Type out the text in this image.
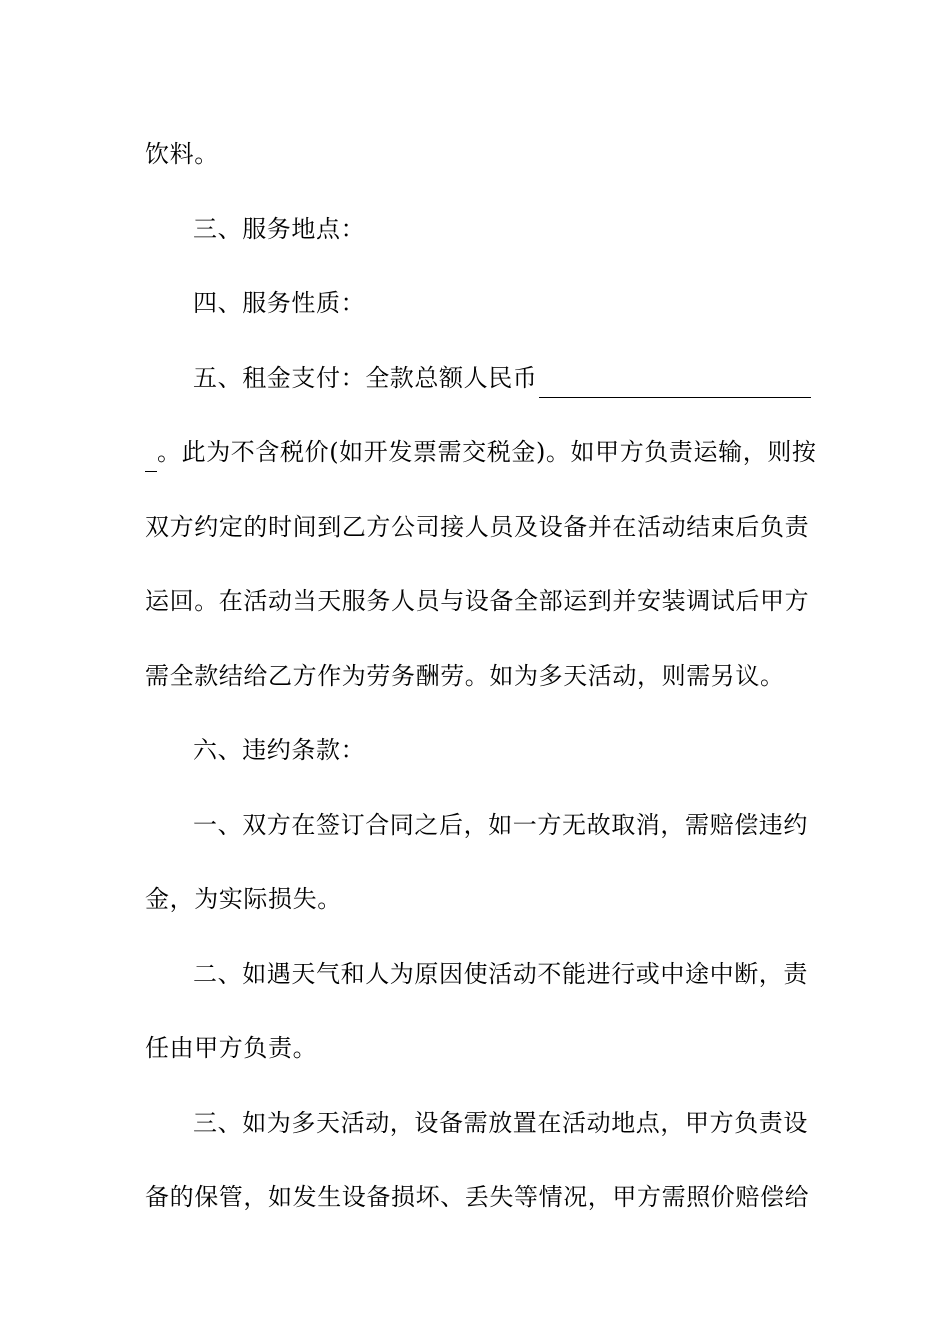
饮料。
三、服务地点：
四、服务性质：
五、租金支付：全款总额人民币
。此为不含税价(如开发票需交税金)。如甲方负责运输，则按
双方约定的时间到乙方公司接人员及设备并在活动结束后负责
运回。在活动当天服务人员与设备全部运到并安装调试后甲方
需全款结给乙方作为劳务酬劳。如为多天活动，则需另议。
六、违约条款：
一、双方在签订合同之后，如一方无故取消，需赔偿违约
金，为实际损失。
二、如遇天气和人为原因使活动不能进行或中途中断，责
任由甲方负责。
三、如为多天活动，设备需放置在活动地点，甲方负责设
备的保管，如发生设备损坏、丢失等情况，甲方需照价赔偿给
